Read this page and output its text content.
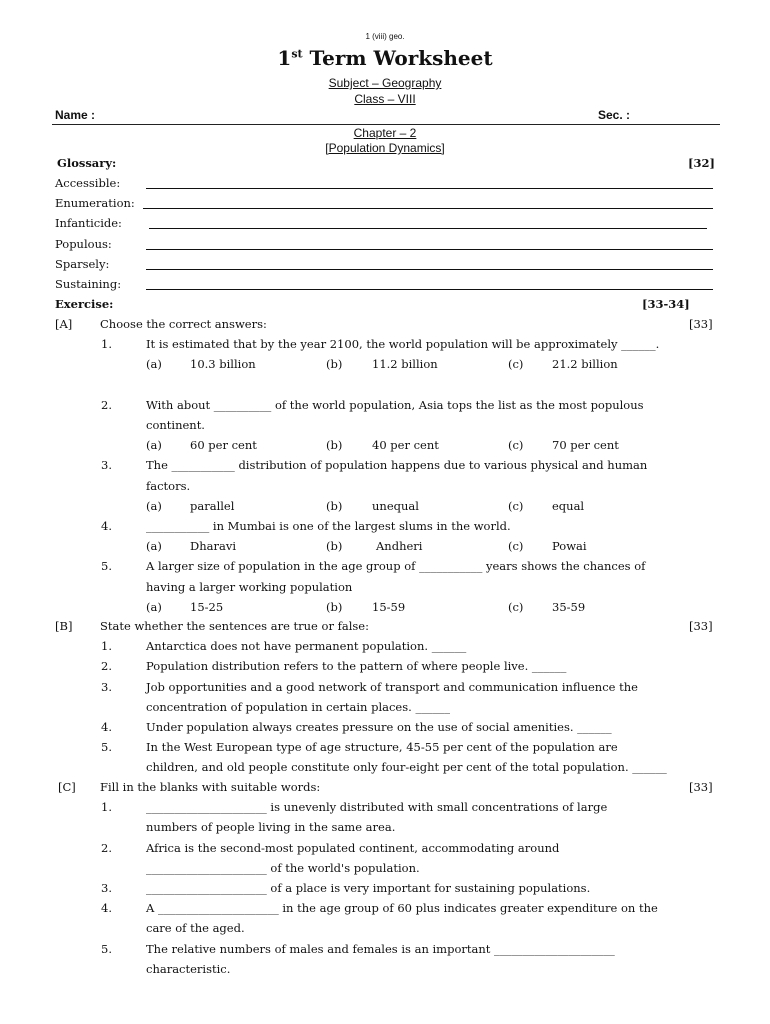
1 (viii) geo.
1st Term Worksheet
Subject – Geography
Class – VIII
Name :	Sec. :
Chapter – 2
[Population Dynamics]
Glossary:	[32]
Accessible:
Enumeration:
Infanticide:
Populous:
Sparsely:
Sustaining:
Exercise:	[33-34]
[A] Choose the correct answers:	[33]
1.	It is estimated that by the year 2100, the world population will be approximately ______.
(a) 10.3 billion	(b)	11.2 billion	(c) 21.2 billion
2.	With about __________ of the world population, Asia tops the list as the most populous
continent.
(a) 60 per cent	(b)	40 per cent	(c) 70 per cent
3.	The ___________ distribution of population happens due to various physical and human
factors.
(a) parallel	(b)	unequal	(c) equal
4.	___________ in Mumbai is one of the largest slums in the world.
(a) Dharavi	(b)	Andheri	(c) Powai
5.	A larger size of population in the age group of ___________ years shows the chances of
having a larger working population
(a) 15-25	(b)	15-59	(c) 35-59
[B] State whether the sentences are true or false:	[33]
1.	Antarctica does not have permanent population. ______
2.	Population distribution refers to the pattern of where people live. ______
3.	Job opportunities and a good network of transport and communication influence the
concentration of population in certain places. ______
4.	Under population always creates pressure on the use of social amenities. ______
5.	In the West European type of age structure, 45-55 per cent of the population are
children, and old people constitute only four-eight per cent of the total population. ______
[C] Fill in the blanks with suitable words:	[33]
1.	_____________________ is unevenly distributed with small concentrations of large
numbers of people living in the same area.
2.	Africa is the second-most populated continent, accommodating around
_____________________ of the world's population.
3.	_____________________ of a place is very important for sustaining populations.
4.	A _____________________ in the age group of 60 plus indicates greater expenditure on the
care of the aged.
5.	The relative numbers of males and females is an important _____________________
characteristic.
